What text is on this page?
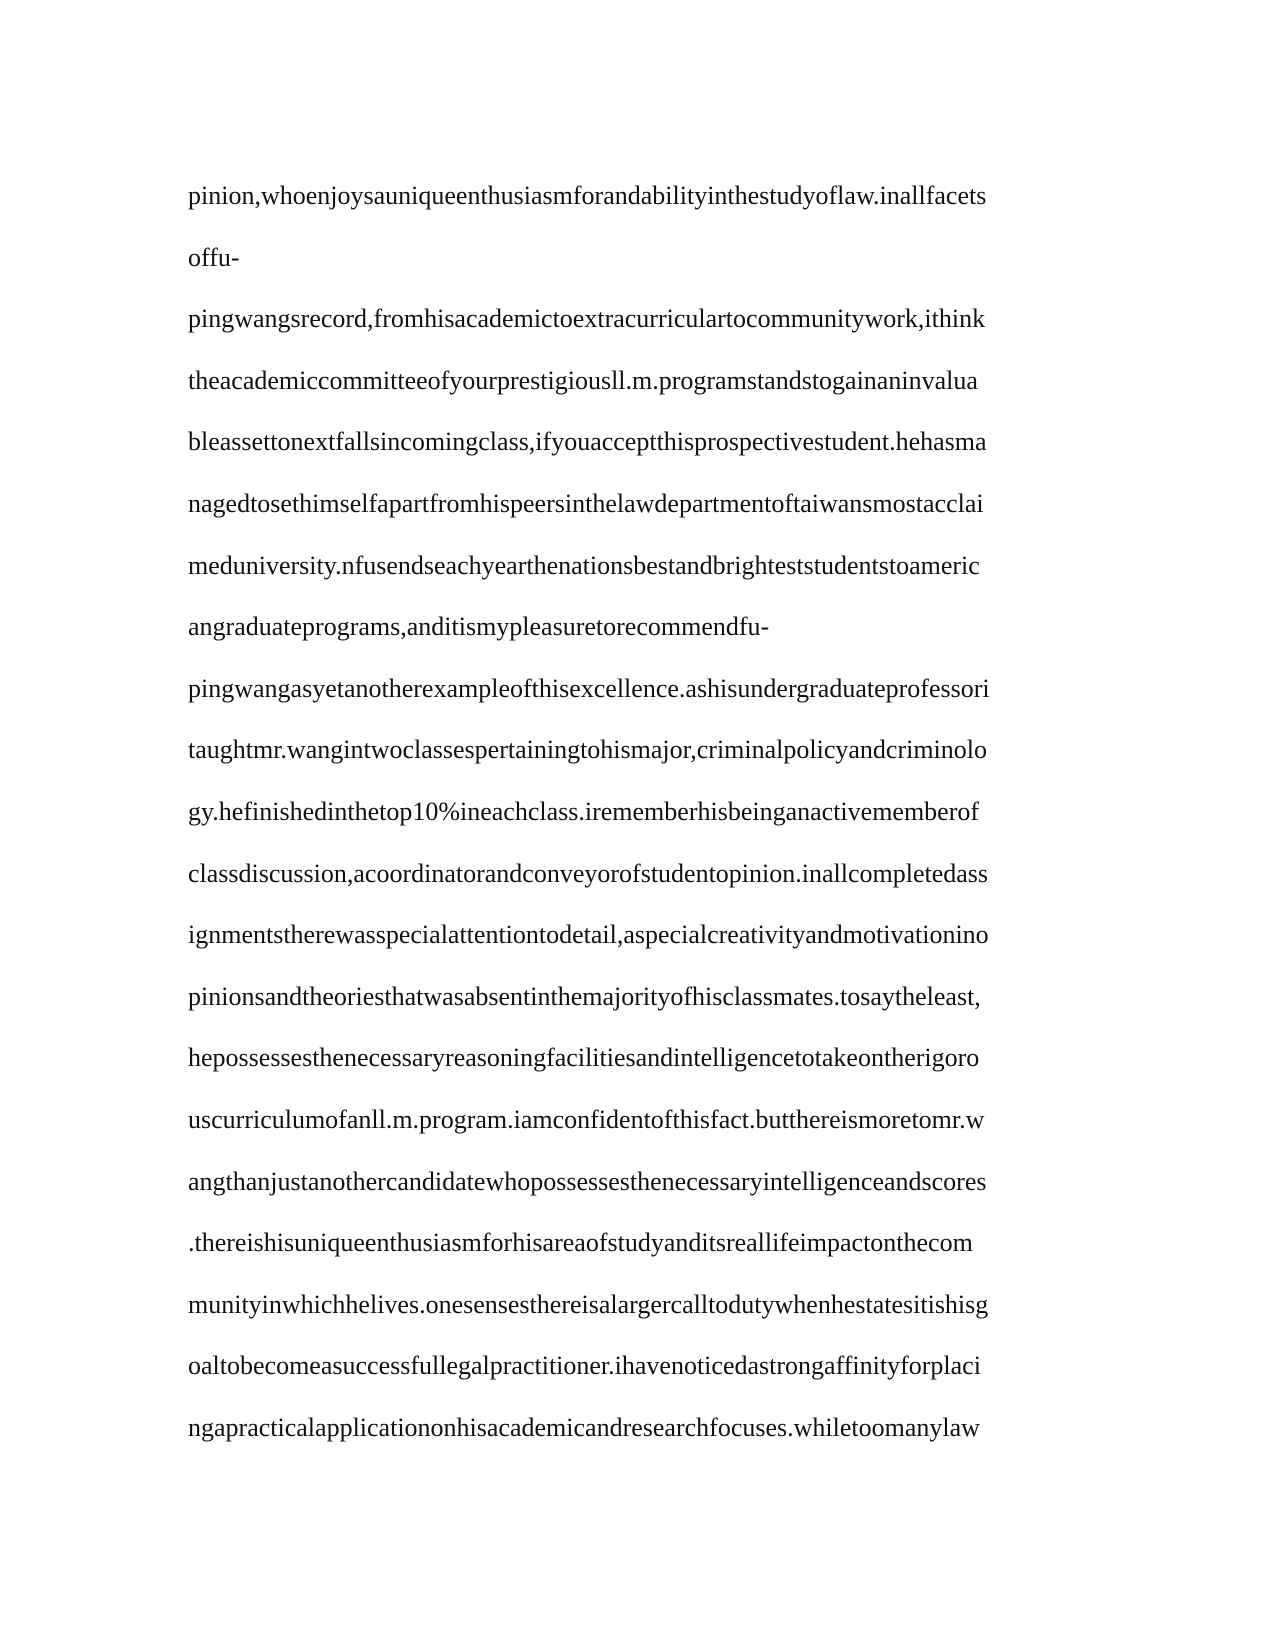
pinion,whoenjoysauniqueenthusiasmforandabilityinthestudyoflaw.inallfacets
offu-
pingwangsrecord,fromhisacademictoextracurriculartocommunitywork,ithink
theacademiccommitteeofyourprestigiousll.m.programstandstogainaninvalua
bleassettonextfallsincomingclass,ifyouacceptthisprospectivestudent.hehasma
nagedtosethimselfapartfromhispeersinthelawdepartmentoftaiwansmostacclai
meduniversity.nfusendseachyearthenationsbestandbrighteststudentstoameric
angraduateprograms,anditismypleasuretorecommendfu-
pingwangasyetanotherexampleofthisexcellence.ashisundergraduateprofessori
taughtmr.wangintwoclassespertainingtohismajor,criminalpolicyandcriminolo
gy.hefinishedinthetop10%ineachclass.irememberhisbeinganactivememberof
classdiscussion,acoordinatorandconveyorofstudentopinion.inallcompletedass
ignmentstherewasspecialattentiontodetail,aspecialcreativityandmotivationino
pinionsandtheoriesthatwasabsentinthemajorityofhisclassmates.tosaytheleast,
hepossessesthenecessaryreasoningfacilitiesandintelligencetotakeontherigoro
uscurriculumofanll.m.program.iamconfidentofthisfact.butthereismoretomr.w
angthanjustanothercandidatewhopossessesthenecessaryintelligenceandscores
.thereishisuniqueenthusiasmforhisareaofstudyanditsreallifeimpactonthecom
munityinwhichhelives.onesensesthereisalargercalltodutywhenhestatesitishisg
oaltobecomeasuccessfullegalpractitioner.ihavenoticedastrongaffinityforplaci
ngapracticalapplicationonhisacademicandresearchfocuses.whiletoomanylaw
